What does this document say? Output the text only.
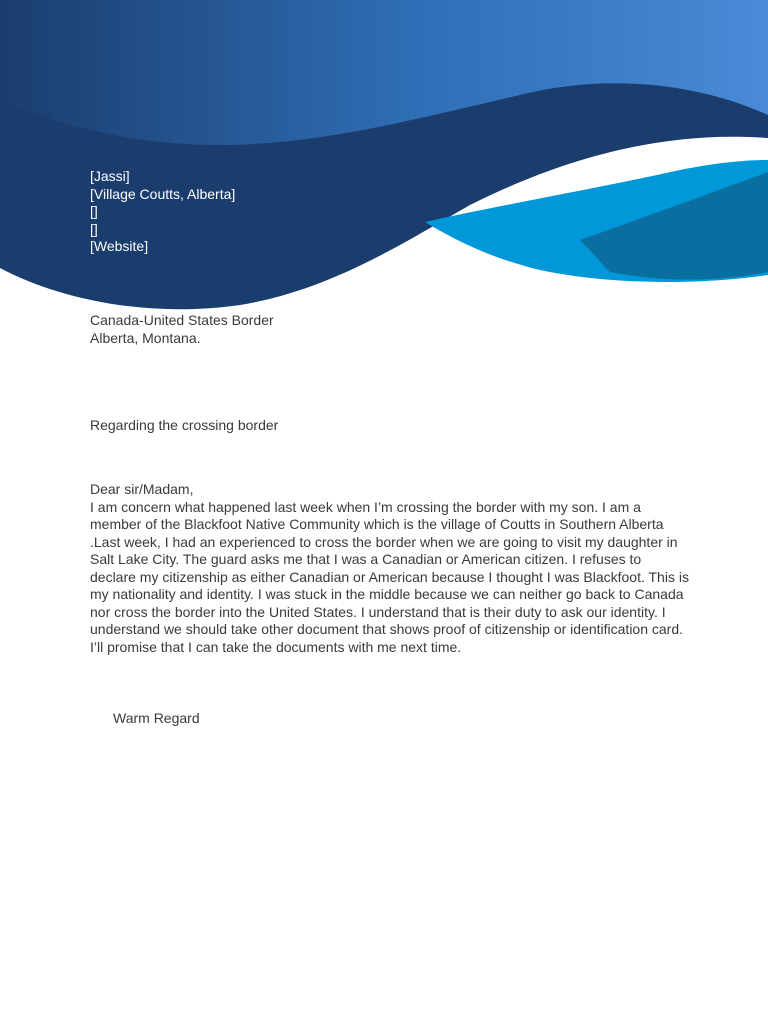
[Jassi]
[Village Coutts, Alberta]
[]
[]
[Website]
Canada-United States Border
Alberta, Montana.
Regarding the crossing border

Dear sir/Madam,

I am concern what happened last week when I’m crossing the border with my son. I am a member of the Blackfoot Native Community which is the village of Coutts in Southern Alberta .Last week, I had an experienced to cross the border when we are going to visit my daughter in Salt Lake City. The guard asks me that I was a Canadian or American citizen. I refuses to declare my citizenship as either Canadian or American because I thought I was Blackfoot. This is my nationality and identity. I was stuck in the middle because we can neither go back to Canada nor cross the border into the United States. I understand that is their duty to ask our identity. I understand we should take other document that shows proof of citizenship or identification card.

I’ll promise that I can take the documents with me next time.

Warm Regard
